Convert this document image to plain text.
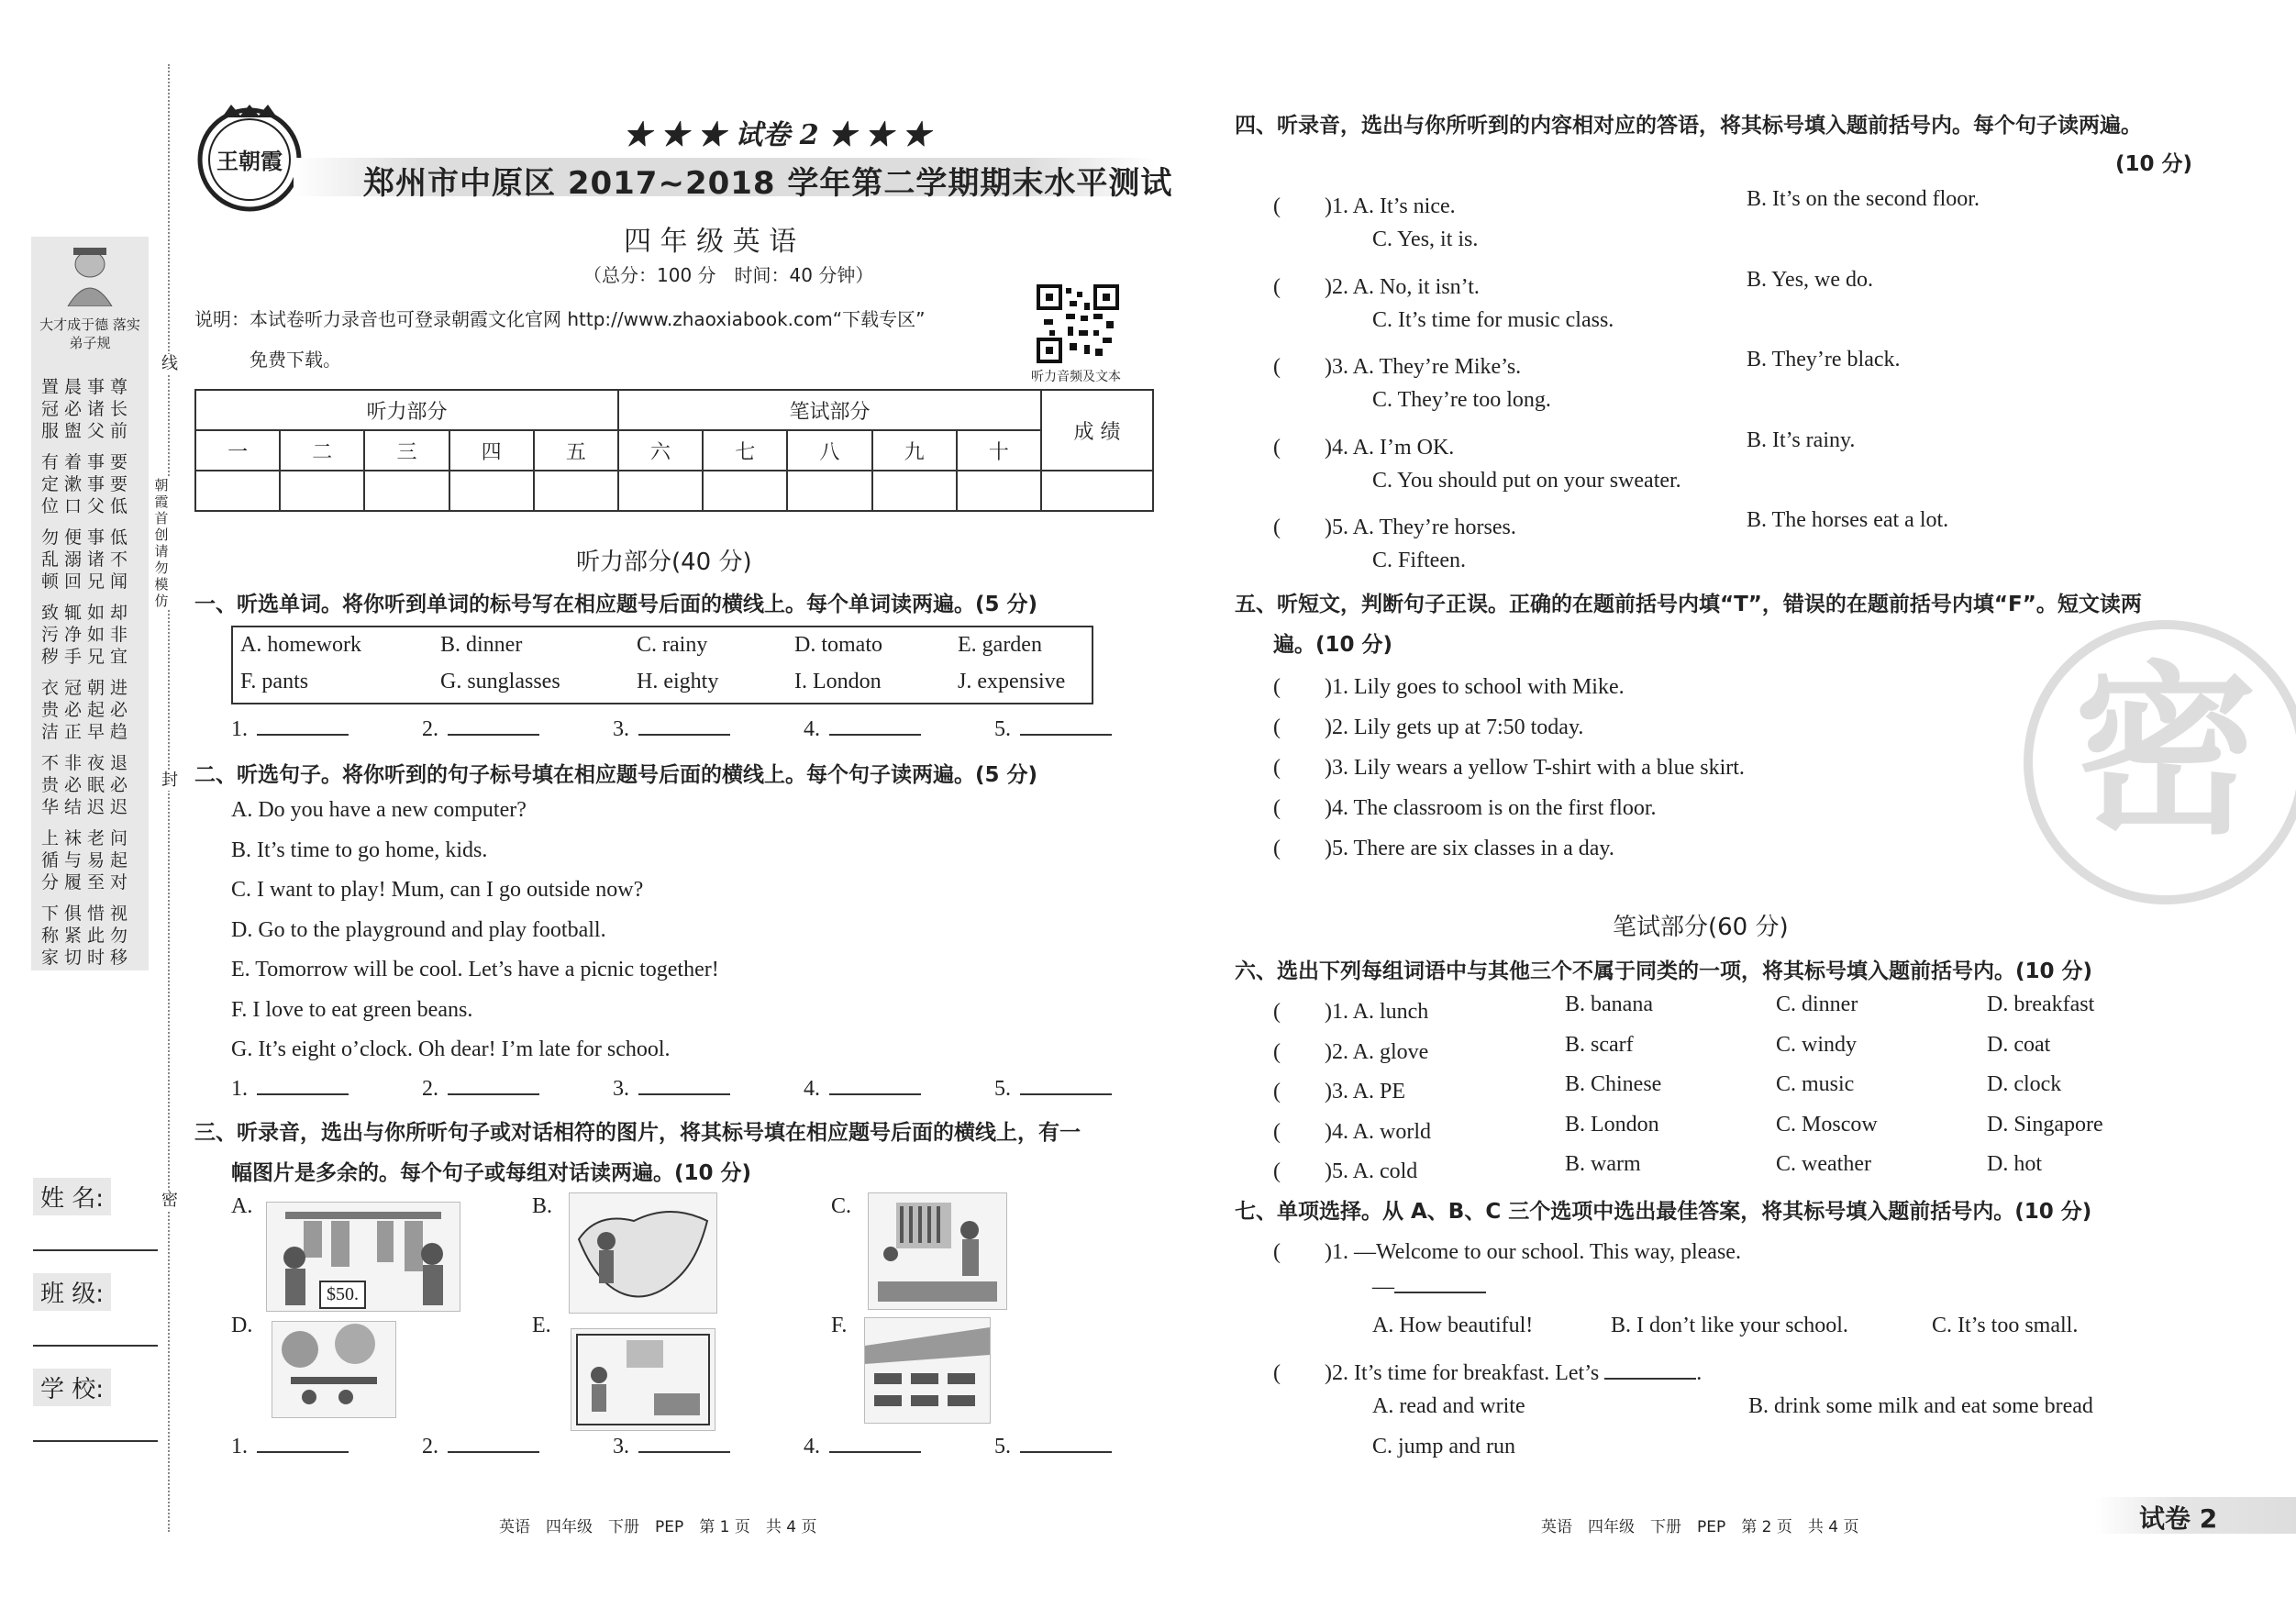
大才成于德 落实弟子规
置晨事尊
冠必诸长
服盥父前
有着事要
定漱事要
位口父低
勿便事低
乱溺诸不
顿回兄闻
致辄如却
污净如非
秽手兄宜
衣冠朝进
贵必起必
洁正早趋
不非夜退
贵必眠必
华结迟迟
上袜老问
循与易起
分履至对
下俱惜视
称紧此勿
家切时移
线
朝霞首创 请勿模仿
封
密
姓 名:
班 级:
学 校:
王朝霞
★ ★ ★ 试卷 2 ★ ★ ★
郑州市中原区 2017~2018 学年第二学期期末水平测试
四 年 级 英 语
（总分：100 分　时间：40 分钟）
说明：本试卷听力录音也可登录朝霞文化官网 http://www.zhaoxiabook.com“下载专区”
免费下载。
听力音频及文本
听力部分					笔试部分					成 绩
一	二	三	四	五	六	七	八	九	十	

听力部分(40 分)
一、听选单词。将你听到单词的标号写在相应题号后面的横线上。每个单词读两遍。(5 分)
A. homework	B. dinner	C. rainy	D. tomato	E. garden
F. pants	G. sunglasses	H. eighty	I. London	J. expensive
1.	2.	3.	4.	5.
二、听选句子。将你听到的句子标号填在相应题号后面的横线上。每个句子读两遍。(5 分)
A. Do you have a new computer?
B. It’s time to go home, kids.
C. I want to play! Mum, can I go outside now?
D. Go to the playground and play football.
E. Tomorrow will be cool. Let’s have a picnic together!
F. I love to eat green beans.
G. It’s eight o’clock. Oh dear! I’m late for school.
1.	2.	3.	4.	5.
三、听录音，选出与你所听句子或对话相符的图片，将其标号填在相应题号后面的横线上，有一
幅图片是多余的。每个句子或每组对话读两遍。(10 分)
A.
$50.
B.	C.
D.	E.	F.
1.	2.	3.	4.	5.
英语　四年级　下册　PEP　第 1 页　共 4 页
四、听录音，选出与你所听到的内容相对应的答语，将其标号填入题前括号内。每个句子读两遍。
(10 分)
(　　)1. A. It’s nice.	B. It’s on the second floor.
C. Yes, it is.
(　　)2. A. No, it isn’t.	B. Yes, we do.
C. It’s time for music class.
(　　)3. A. They’re Mike’s.	B. They’re black.
C. They’re too long.
(　　)4. A. I’m OK.	B. It’s rainy.
C. You should put on your sweater.
(　　)5. A. They’re horses.	B. The horses eat a lot.
C. Fifteen.
五、听短文，判断句子正误。正确的在题前括号内填“T”，错误的在题前括号内填“F”。短文读两
遍。(10 分)
(　　)1. Lily goes to school with Mike.
(　　)2. Lily gets up at 7:50 today.
(　　)3. Lily wears a yellow T-shirt with a blue skirt.
(　　)4. The classroom is on the first floor.
(　　)5. There are six classes in a day.	密
笔试部分(60 分)
六、选出下列每组词语中与其他三个不属于同类的一项，将其标号填入题前括号内。(10 分)
(　　)1. A. lunch	B. banana	C. dinner	D. breakfast
(　　)2. A. glove	B. scarf	C. windy	D. coat
(　　)3. A. PE	B. Chinese	C. music	D. clock
(　　)4. A. world	B. London	C. Moscow	D. Singapore
(　　)5. A. cold	B. warm	C. weather	D. hot
七、单项选择。从 A、B、C 三个选项中选出最佳答案，将其标号填入题前括号内。(10 分)
(　　)1. —Welcome to our school. This way, please.
—
A. How beautiful!	B. I don’t like your school.	C. It’s too small.
(　　)2. It’s time for breakfast. Let’s	.
A. read and write	B. drink some milk and eat some bread
C. jump and run
英语　四年级　下册　PEP　第 2 页　共 4 页	试卷 2
